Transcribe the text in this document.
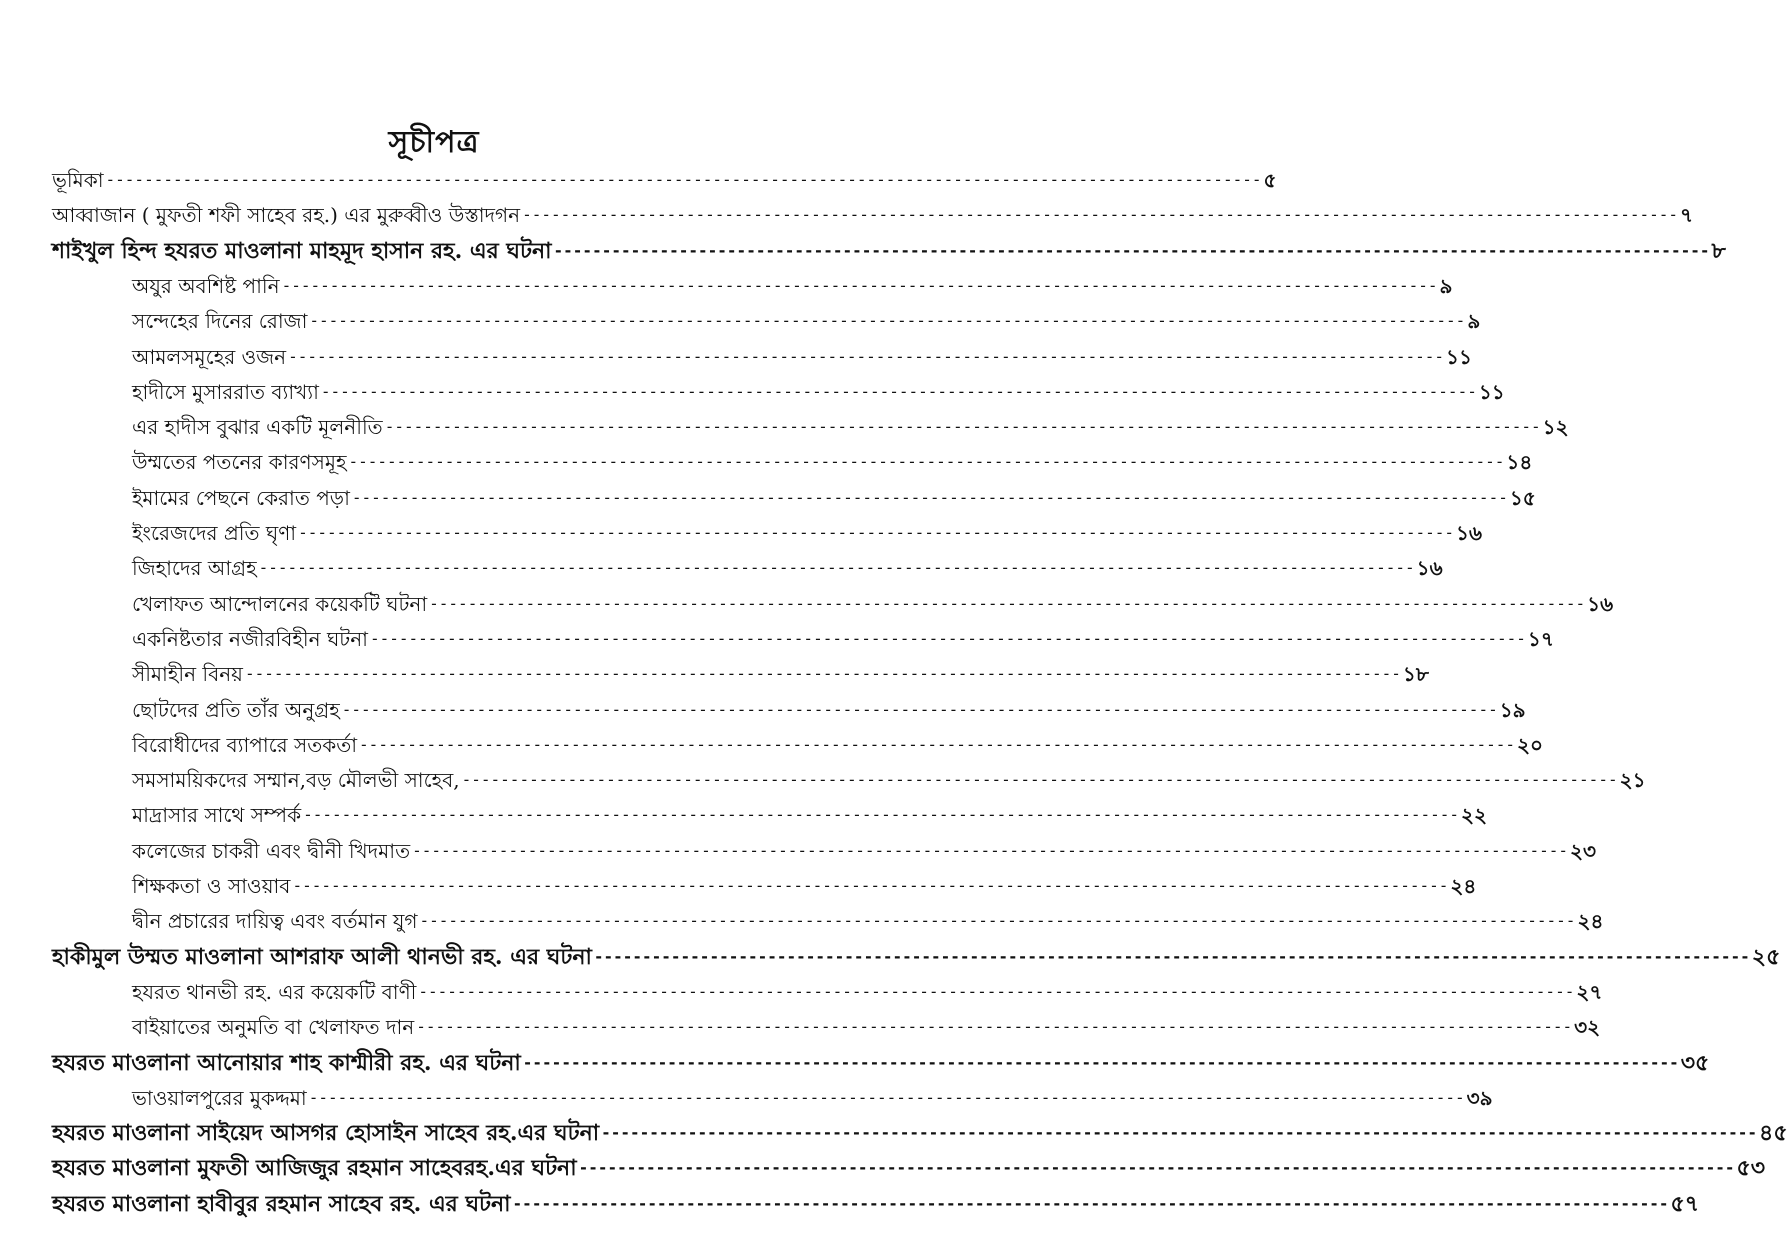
সূচীপত্র
ভূমিকা ------------------------------------------------------------------------------------------------------------------------ ৫
আব্বাজান ( মুফতী শফী সাহেব রহ.) এর মুরুব্বীও উস্তাদগন ------------------------------------------------------------------------------------------------------------------------ ৭
শাইখুল হিন্দ হযরত মাওলানা মাহমূদ হাসান রহ. এর ঘটনা ------------------------------------------------------------------------------------------------------------------------ ৮
অযুর অবশিষ্ট পানি ------------------------------------------------------------------------------------------------------------------------ ৯
সন্দেহের দিনের রোজা ------------------------------------------------------------------------------------------------------------------------ ৯
আমলসমূহের ওজন ------------------------------------------------------------------------------------------------------------------------ ১১
হাদীসে মুসাররাত ব্যাখ্যা ------------------------------------------------------------------------------------------------------------------------ ১১
এর হাদীস বুঝার একটি মূলনীতি ------------------------------------------------------------------------------------------------------------------------ ১২
উম্মতের পতনের কারণসমূহ ------------------------------------------------------------------------------------------------------------------------ ১৪
ইমামের পেছনে কেরাত পড়া ------------------------------------------------------------------------------------------------------------------------ ১৫
ইংরেজদের প্রতি ঘৃণা ------------------------------------------------------------------------------------------------------------------------ ১৬
জিহাদের আগ্রহ ------------------------------------------------------------------------------------------------------------------------ ১৬
খেলাফত আন্দোলনের কয়েকটি ঘটনা ------------------------------------------------------------------------------------------------------------------------ ১৬
একনিষ্টতার নজীরবিহীন ঘটনা ------------------------------------------------------------------------------------------------------------------------ ১৭
সীমাহীন বিনয় ------------------------------------------------------------------------------------------------------------------------ ১৮
ছোটদের প্রতি তাঁর অনুগ্রহ ------------------------------------------------------------------------------------------------------------------------ ১৯
বিরোধীদের ব্যাপারে সতকর্তা ------------------------------------------------------------------------------------------------------------------------ ২০
সমসাময়িকদের সম্মান,বড় মৌলভী সাহেব, ------------------------------------------------------------------------------------------------------------------------ ২১
মাদ্রাসার সাথে সম্পর্ক ------------------------------------------------------------------------------------------------------------------------ ২২
কলেজের চাকরী এবং দ্বীনী খিদমাত ------------------------------------------------------------------------------------------------------------------------ ২৩
শিক্ষকতা ও সাওয়াব ------------------------------------------------------------------------------------------------------------------------ ২৪
দ্বীন প্রচারের দায়িত্ব এবং বর্তমান যুগ ------------------------------------------------------------------------------------------------------------------------ ২৪
হাকীমুল উম্মত মাওলানা আশরাফ আলী থানভী রহ. এর ঘটনা ------------------------------------------------------------------------------------------------------------------------ ২৫
হযরত থানভী রহ. এর কয়েকটি বাণী ------------------------------------------------------------------------------------------------------------------------ ২৭
বাইয়াতের অনুমতি বা খেলাফত দান ------------------------------------------------------------------------------------------------------------------------ ৩২
হযরত মাওলানা আনোয়ার শাহ কাশ্মীরী রহ. এর ঘটনা ------------------------------------------------------------------------------------------------------------------------ ৩৫
ভাওয়ালপুরের মুকদ্দমা ------------------------------------------------------------------------------------------------------------------------ ৩৯
হযরত মাওলানা সাইয়েদ আসগর হোসাইন সাহেব রহ.এর ঘটনা ------------------------------------------------------------------------------------------------------------------------ ৪৫
হযরত মাওলানা মুফতী আজিজুর রহমান সাহেবরহ.এর ঘটনা ------------------------------------------------------------------------------------------------------------------------ ৫৩
হযরত মাওলানা হাবীবুর রহমান সাহেব রহ. এর ঘটনা ------------------------------------------------------------------------------------------------------------------------ ৫৭
